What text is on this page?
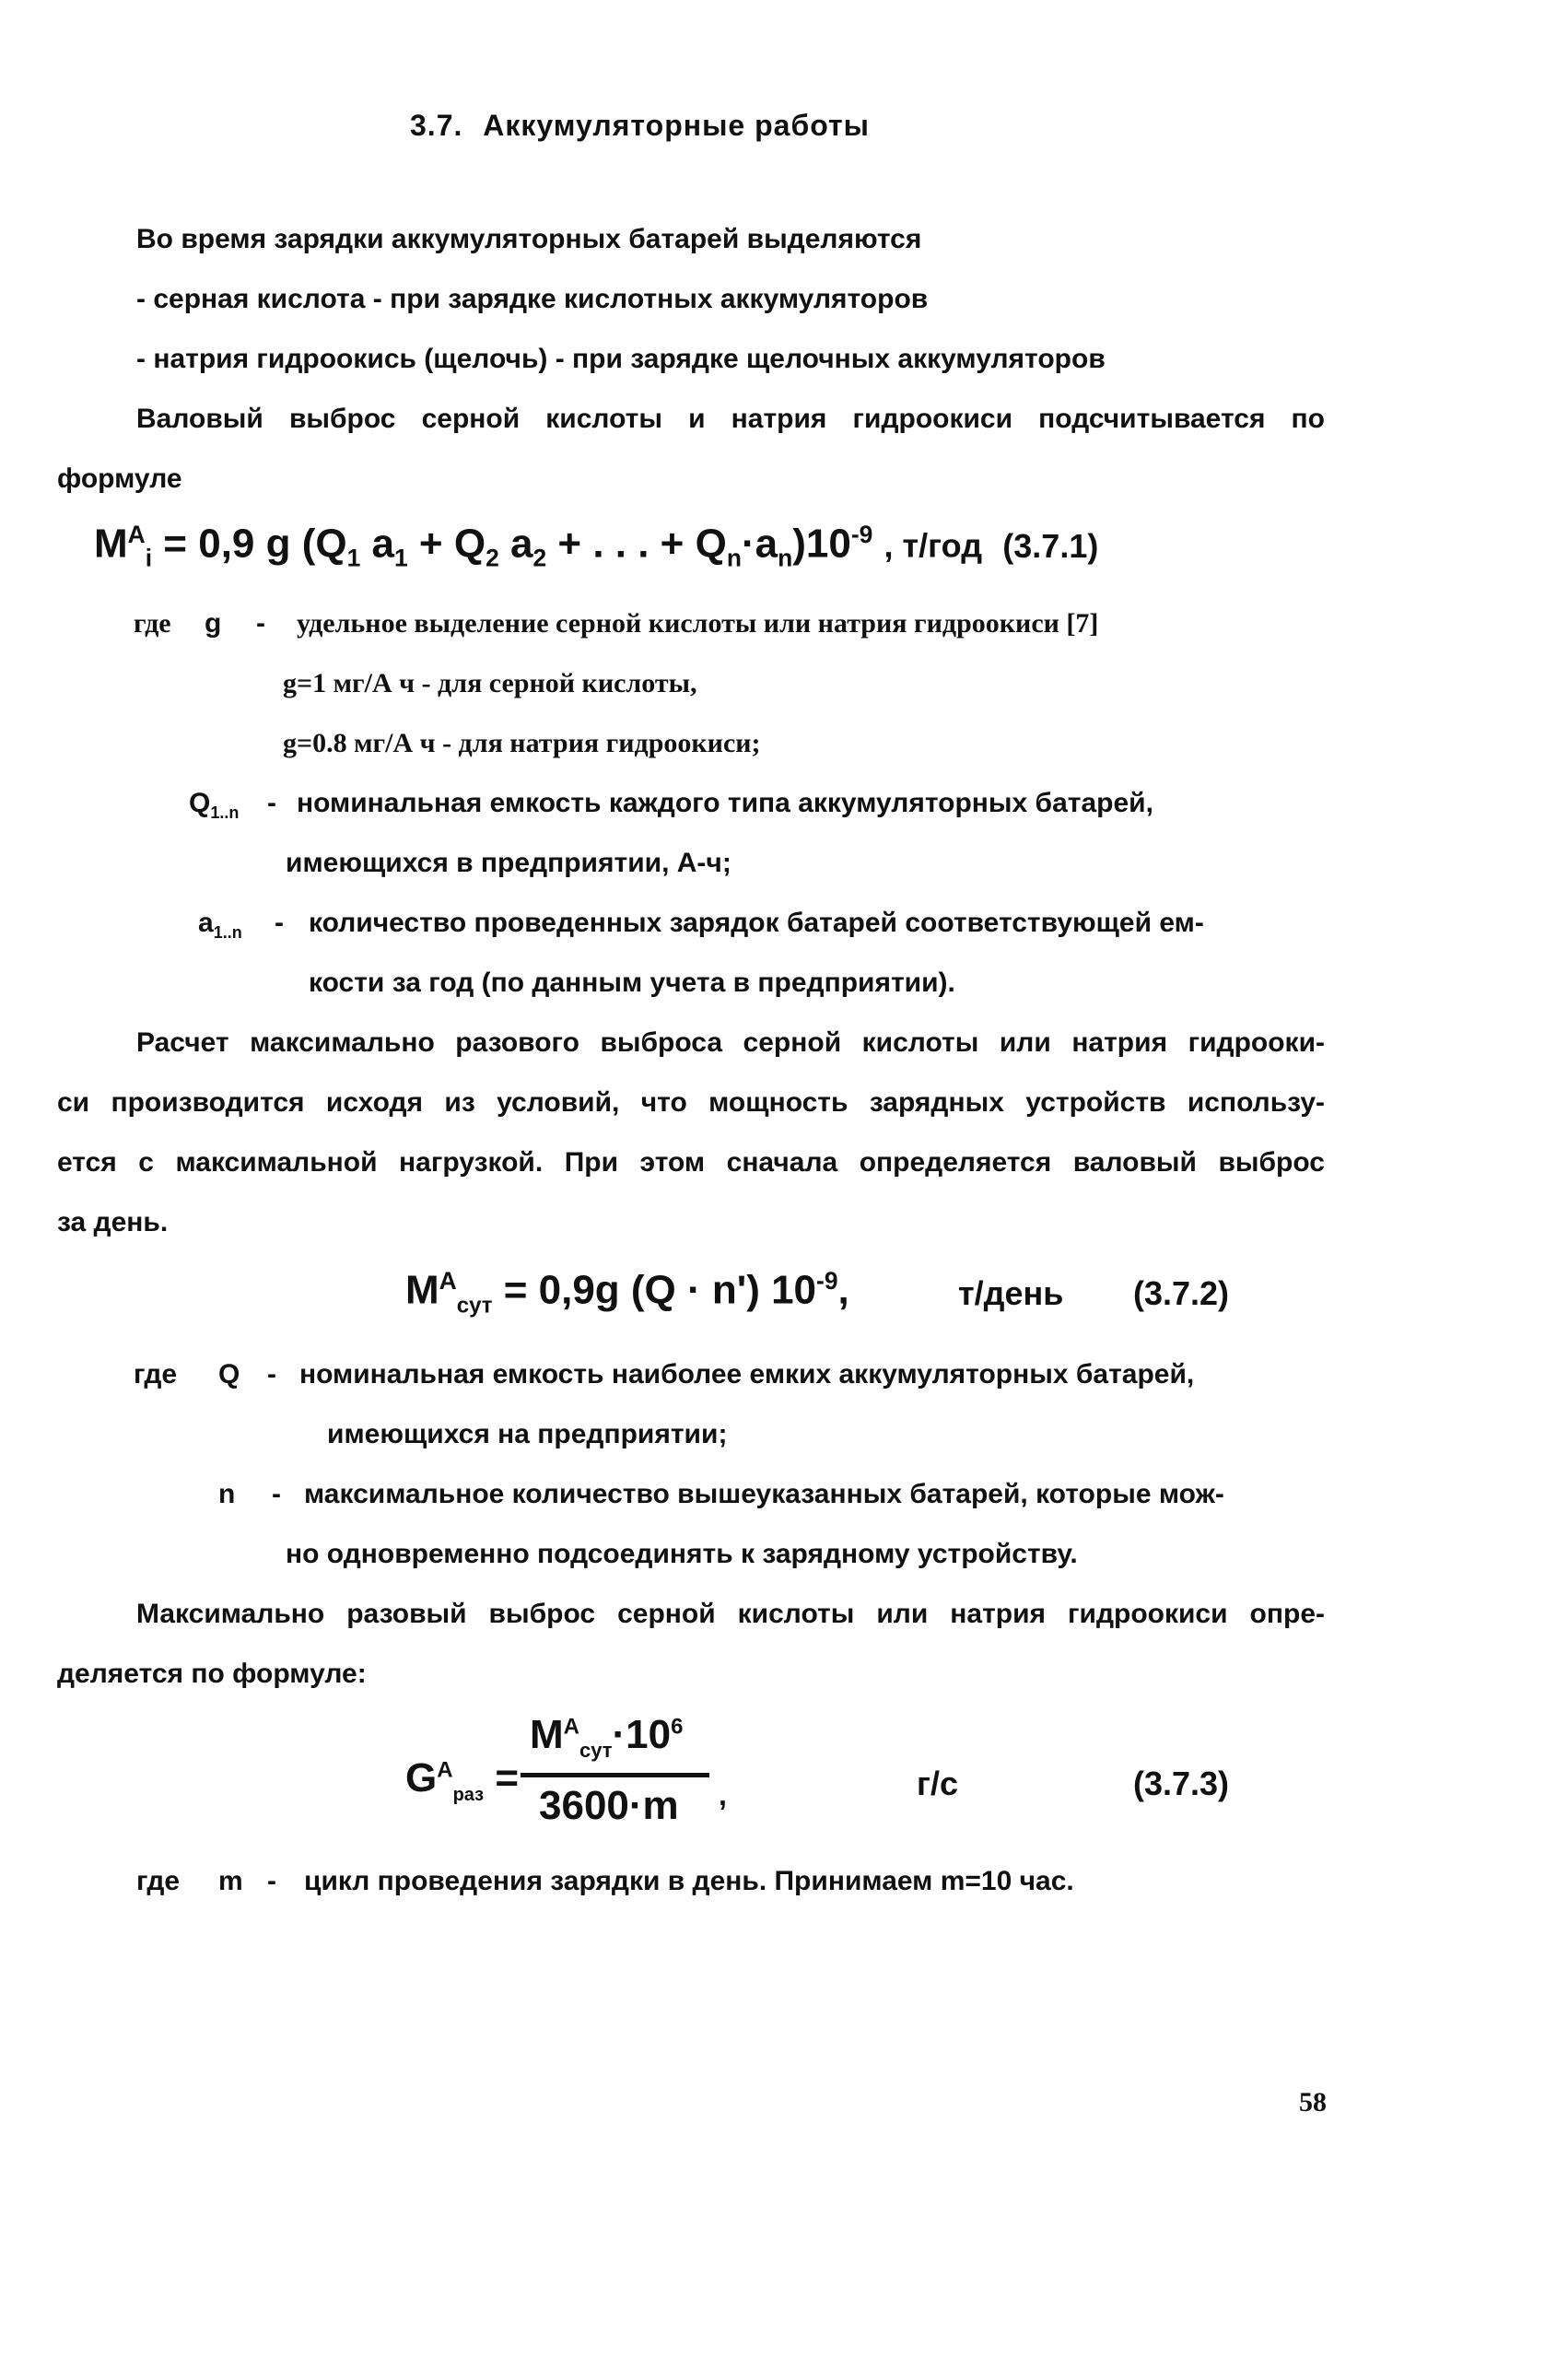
3.7. Аккумуляторные работы
Во время зарядки аккумуляторных батарей выделяются
- серная кислота - при зарядке кислотных аккумуляторов
- натрия гидроокись (щелочь) - при зарядке щелочных аккумуляторов
Валовый выброс серной кислоты и натрия гидроокиси подсчитывается по
формуле
$M^A_i = 0,9$ g ($Q_1$ $a_1 + Q_2$ $a_2$ + . . . + $Q_n\cdot a_n)10^{-9}$ , т/год (3.7.1)
где g - удельное выделение серной кислоты или натрия гидроокиси [7]
g=1 мг/А ч - для серной кислоты,
g=0.8 мг/А ч - для натрия гидроокиси;
$Q_{1..n}$ - номинальная емкость каждого типа аккумуляторных батарей,
имеющихся в предприятии, А-ч;
$a_{1..n}$ - количество проведенных зарядок батарей соответствующей ем-
кости за год (по данным учета в предприятии).
Расчет максимально разового выброса серной кислоты или натрия гидрооки-
си производится исходя из условий, что мощность зарядных устройств использу-
ется с максимальной нагрузкой. При этом сначала определяется валовый выброс
за день.
$M^A_{сут} = 0,9g$ (Q · n') $10^{-9}$,	т/день (3.7.2)
где Q - номинальная емкость наиболее емких аккумуляторных батарей,
имеющихся на предприятии;
n - максимальное количество вышеуказанных батарей, которые мож-
но одновременно подсоединять к зарядному устройству.
Максимально разовый выброс серной кислоты или натрия гидроокиси опре-
деляется по формуле:
$G^A_{раз}$ =
$M^A_{сут}\cdot 10^6$
3600·m ,	г/с	(3.7.3)
где m - цикл проведения зарядки в день. Принимаем m=10 час.
58
